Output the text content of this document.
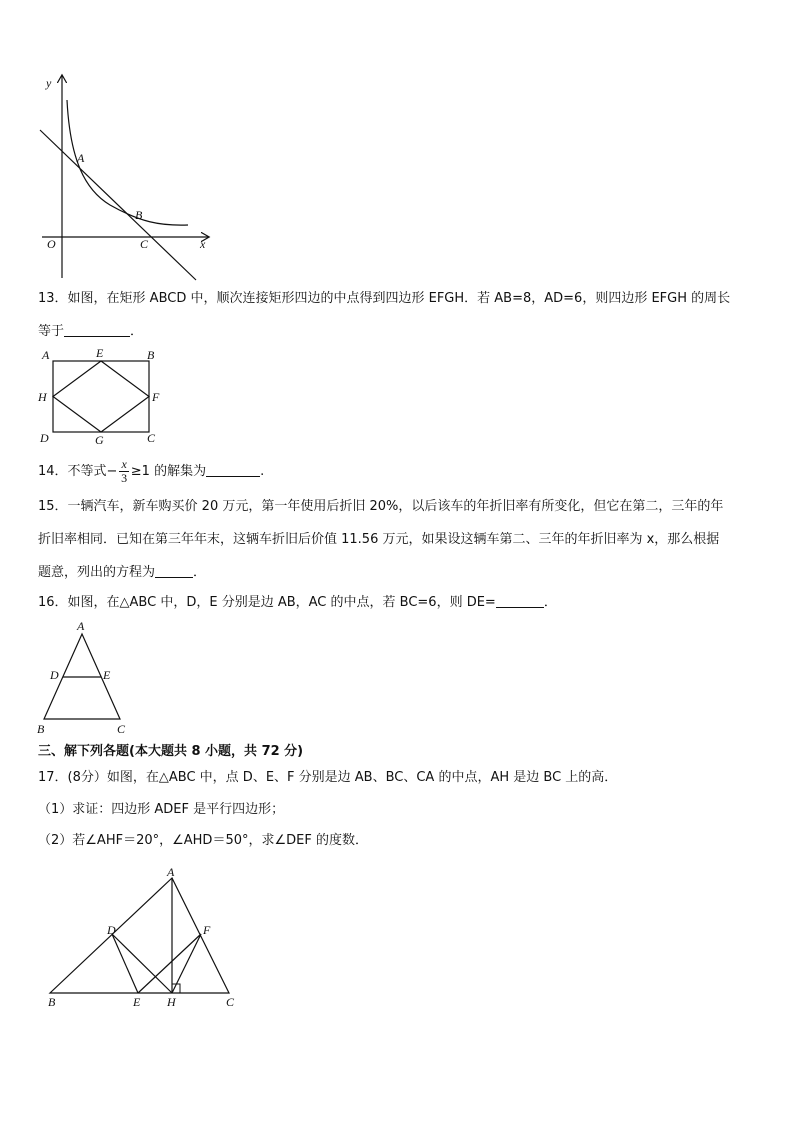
y
x
O
A
B
C
13．如图，在矩形 ABCD 中，顺次连接矩形四边的中点得到四边形 EFGH．若 AB=8，AD=6，则四边形 EFGH 的周长
等于	．
A	E	B
H	F
D	G	C
14．不等式− $\frac{x}{3} \ge 1$ 的解集为	.
15．一辆汽车，新车购买价 20 万元，第一年使用后折旧 20%，以后该车的年折旧率有所变化，但它在第二，三年的年
折旧率相同．已知在第三年年末，这辆车折旧后价值 11.56 万元，如果设这辆车第二、三年的年折旧率为 x，那么根据
题意，列出的方程为	．
16．如图，在△ABC 中，D，E 分别是边 AB，AC 的中点，若 BC=6，则 DE=	．
A
D	E
B	C
三、解下列各题(本大题共 8 小题，共 72 分)
17．(8分）如图，在△ABC 中，点 D、E、F 分别是边 AB、BC、CA 的中点，AH 是边 BC 上的高．
（1）求证：四边形 ADEF 是平行四边形；
（2）若∠AHF＝20°，∠AHD＝50°，求∠DEF 的度数．
A
D	F
B	E H	C
